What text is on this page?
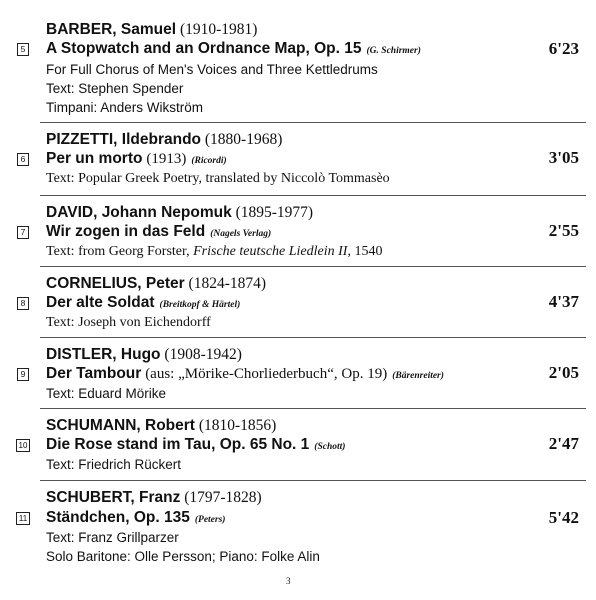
BARBER, Samuel (1910-1981)
5 A Stopwatch and an Ordnance Map, Op. 15 (G. Schirmer)	6'23
For Full Chorus of Men's Voices and Three Kettledrums
Text: Stephen Spender
Timpani: Anders Wikström
PIZZETTI, Ildebrando (1880-1968)
6 Per un morto (1913) (Ricordi)	3'05
Text: Popular Greek Poetry, translated by Niccolò Tommasèo
DAVID, Johann Nepomuk (1895-1977)
7 Wir zogen in das Feld (Nagels Verlag)	2'55
Text: from Georg Forster, Frische teutsche Liedlein II, 1540
CORNELIUS, Peter (1824-1874)
8 Der alte Soldat (Breitkopf & Härtel)	4'37
Text: Joseph von Eichendorff
DISTLER, Hugo (1908-1942)
9 Der Tambour (aus: „Mörike-Chorliederbuch“, Op. 19) (Bärenreiter)	2'05
Text: Eduard Mörike
SCHUMANN, Robert (1810-1856)
10 Die Rose stand im Tau, Op. 65 No. 1 (Schott)	2'47
Text: Friedrich Rückert
SCHUBERT, Franz (1797-1828)
11 Ständchen, Op. 135 (Peters)	5'42
Text: Franz Grillparzer
Solo Baritone: Olle Persson; Piano: Folke Alin
3
